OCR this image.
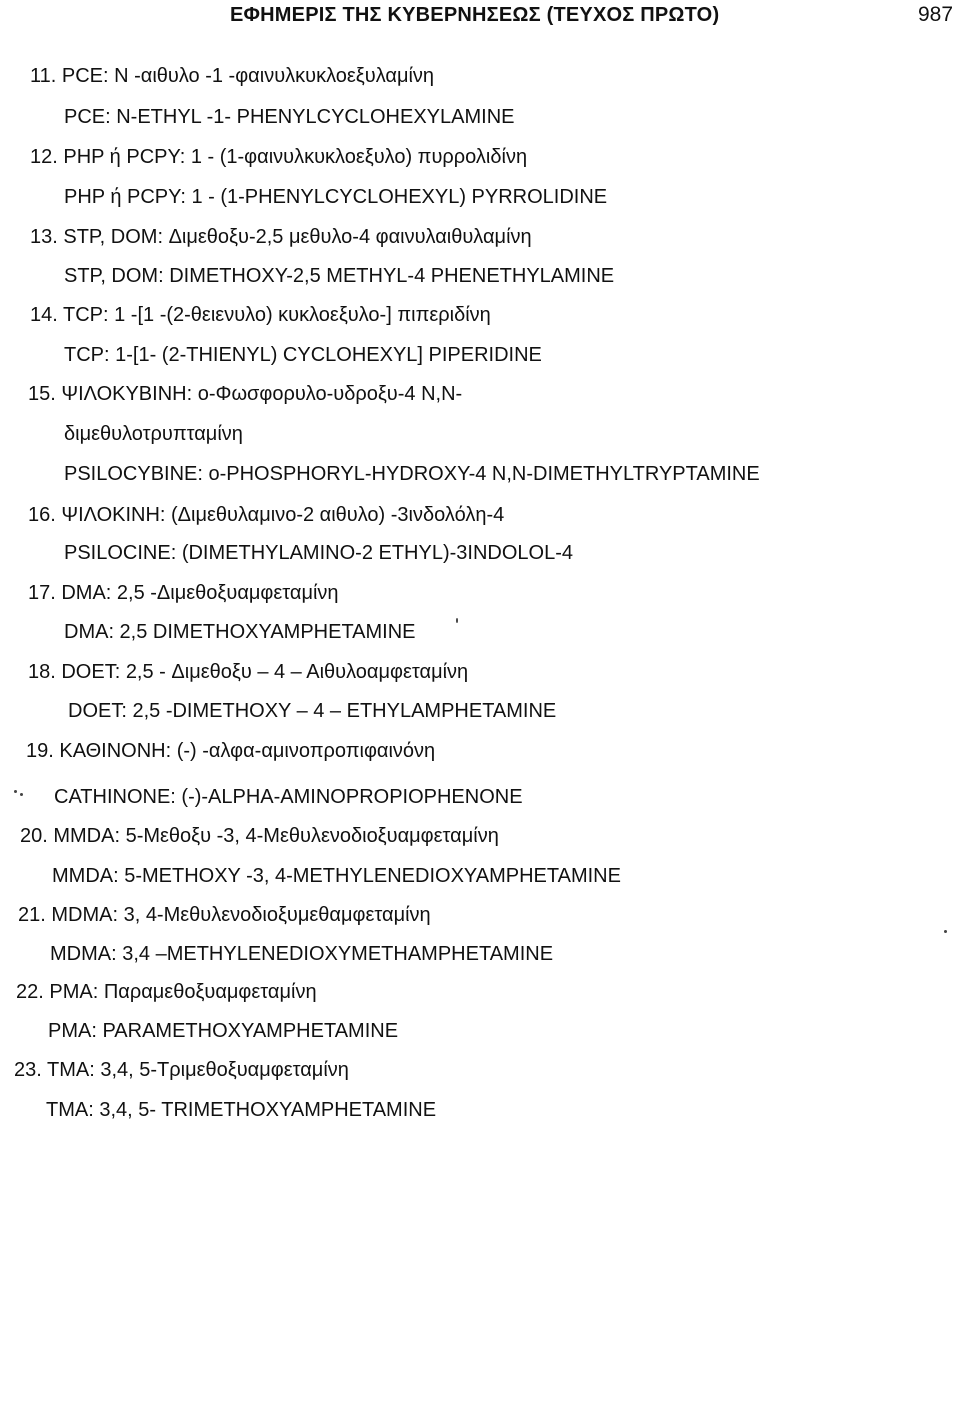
ΕΦΗΜΕΡΙΣ ΤΗΣ ΚΥΒΕΡΝΗΣΕΩΣ (ΤΕΥΧΟΣ ΠΡΩΤΟ)	987
11. PCE: Ν -αιθυλο -1 -φαινυλκυκλοεξυλαμίνη
PCE: N-ETHYL -1- PHENYLCYCLOHEXYLAMINE
12. PHP ή PCPY: 1 - (1-φαινυλκυκλοεξυλο) πυρρολιδίνη
PHP ή PCPY: 1 - (1-PHENYLCYCLOHEXYL) PYRROLIDINE
13. STP, DOM: Διμεθοξυ-2,5 μεθυλο-4 φαινυλαιθυλαμίνη
STP, DOM: DIMETHOXY-2,5 METHYL-4 PHENETHYLAMINE
14. TCP: 1 -[1 -(2-θειενυλο) κυκλοεξυλο-] πιπεριδίνη
TCP: 1-[1- (2-THIENYL) CYCLOHEXYL] PIPERIDINE
15. ΨΙΛΟΚΥΒΙΝΗ: ο-Φωσφορυλο-υδροξυ-4 Ν,Ν-
διμεθυλοτρυπταμίνη
PSILOCYBINE: o-PHOSPHORYL-HYDROXY-4 N,N-DIMETHYLTRYPTAMINE
16. ΨΙΛΟΚΙΝΗ: (Διμεθυλαμινο-2 αιθυλο) -3ινδολόλη-4
PSILOCINE: (DIMETHYLAMINO-2 ETHYL)-3INDOLOL-4
17. DMA: 2,5 -Διμεθοξυαμφεταμίνη
DMA: 2,5 DIMETHOXYAMPHETAMINE
18. DOET: 2,5 - Διμεθοξυ – 4 – Αιθυλοαμφεταμίνη
DOET: 2,5 -DIMETHOXY – 4 – ETHYLAMPHETAMINE
19. ΚΑΘΙΝΟΝΗ: (-) -αλφα-αμινοπροπιφαινόνη
CATHINONE: (-)-ALPHA-AMINOPROPIOPHENONE
20. MMDA: 5-Μεθοξυ -3, 4-Μεθυλενοδιοξυαμφεταμίνη
MMDA: 5-METHOXY -3, 4-METHYLENEDIOXYAMPHETAMINE
21. MDMA: 3, 4-Μεθυλενοδιοξυμεθαμφεταμίνη
MDMA: 3,4 –METHYLENEDIOXYMETHAMPHETAMINE
22. PMA: Παραμεθοξυαμφεταμίνη
PMA: PARAMETHOXYAMPHETAMINE
23. TMA: 3,4, 5-Τριμεθοξυαμφεταμίνη
TMA: 3,4, 5- TRIMETHOXYAMPHETAMINE
